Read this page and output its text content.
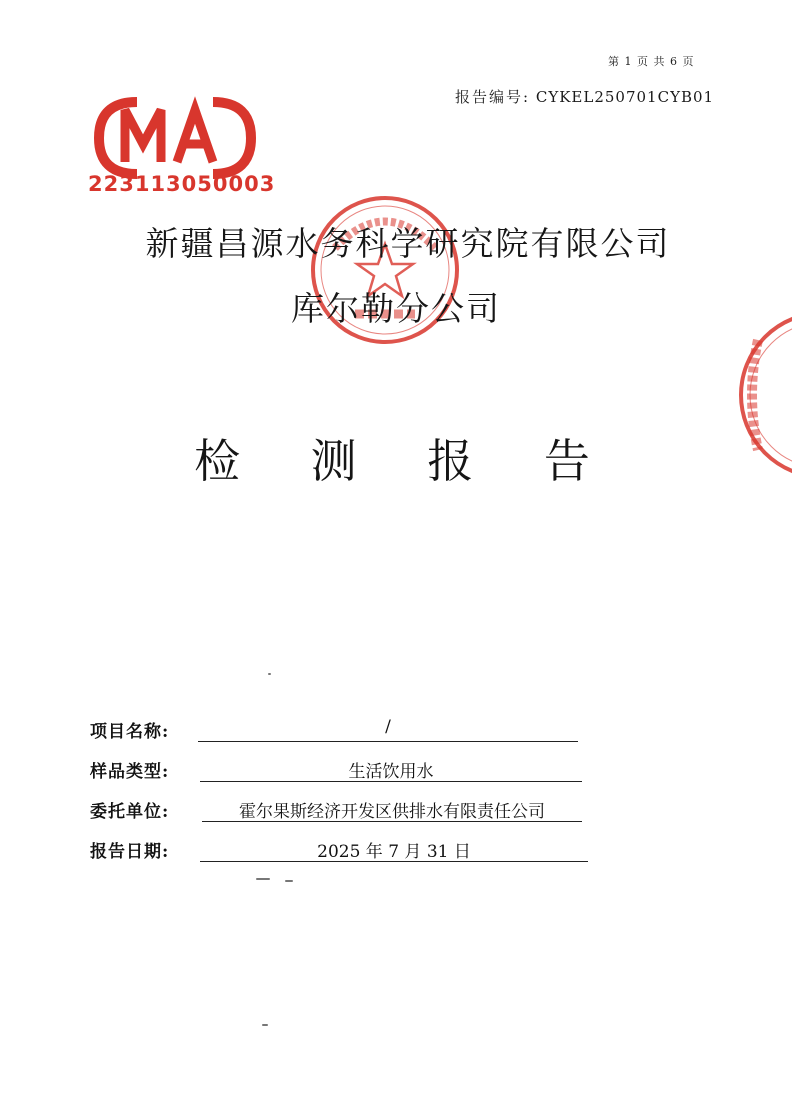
第 1 页 共 6 页
报告编号: CYKEL250701CYB01
223113050003
新疆昌源水务科学研究院有限公司
库尔勒分公司
检 测 报 告
项目名称:	/
样品类型:	生活饮用水
委托单位:	霍尔果斯经济开发区供排水有限责任公司
报告日期:	2025 年 7 月 31 日
